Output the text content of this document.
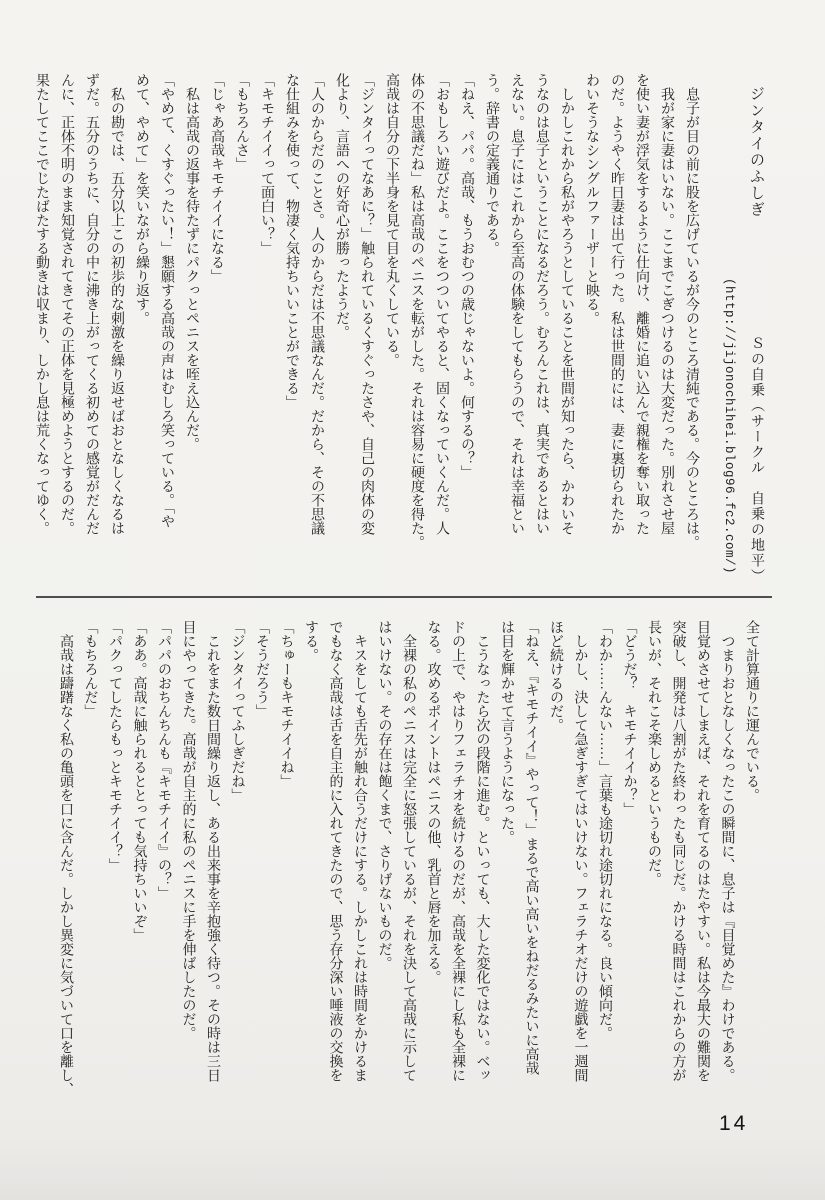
ジンタイのふしぎＳの自乗（サークル　自乗の地平）
(http://jijonochihei.blog96.fc2.com/)
　息子が目の前に股を広げているが今のところ清純である。今のところは。
　我が家に妻はいない。ここまでこぎつけるのは大変だった。別れさせ屋
を使い妻が浮気をするように仕向け、離婚に追い込んで親権を奪い取った
のだ。ようやく昨日妻は出て行った。私は世間的には、妻に裏切られたか
わいそうなシングルファーザーと映る。
　しかしこれから私がやろうとしていることを世間が知ったら、かわいそ
うなのは息子ということになるだろう。むろんこれは、真実であるとはい
えない。息子にはこれから至高の体験をしてもらうので、それは幸福とい
う。辞書の定義通りである。
「ねえ、パパ。高哉、もうおむつの歳じゃないよ。何するの？」
「おもしろい遊びだよ。ここをつついてやると、固くなっていくんだ。人
体の不思議だね」私は高哉のペニスを転がした。それは容易に硬度を得た。
高哉は自分の下半身を見て目を丸くしている。
「ジンタイってなあに？」触られているくすぐったさや、自己の肉体の変
化より、言語への好奇心が勝ったようだ。
「人のからだのことさ。人のからだは不思議なんだ。だから、その不思議
な仕組みを使って、物凄く気持ちいいことができる」
「キモチイイって面白い？」
「もちろんさ」
「じゃあ高哉キモチイイになる」
　私は高哉の返事を待たずにパクっとペニスを咥え込んだ。
「やめて、くすぐったい！」懇願する高哉の声はむしろ笑っている。「や
めて、やめて」を笑いながら繰り返す。
　私の勘では、五分以上この初歩的な刺激を繰り返せばおとなしくなるは
ずだ。五分のうちに、自分の中に沸き上がってくる初めての感覚がだんだ
んに、正体不明のまま知覚されてきてその正体を見極めようとするのだ。
果たしてここでじたばたする動きは収まり、しかし息は荒くなってゆく。
全て計算通りに運んでいる。
　つまりおとなしくなったこの瞬間に、息子は『目覚めた』わけである。
目覚めさせてしまえば、それを育てるのはたやすい。私は今最大の難関を
突破し、開発は八割がた終わったも同じだ。かける時間はこれからの方が
長いが、それこそ楽しめるというものだ。
「どうだ？　キモチイイか？」
「わか……んない……」言葉も途切れ途切れになる。良い傾向だ。
　しかし、決して急ぎすぎてはいけない。フェラチオだけの遊戯を一週間
ほど続けるのだ。
「ねえ、『キモチイイ』やって！」まるで高い高いをねだるみたいに高哉
は目を輝かせて言うようになった。
　こうなったら次の段階に進む。といっても、大した変化ではない。ベッ
ドの上で、やはりフェラチオを続けるのだが、高哉を全裸にし私も全裸に
なる。攻めるポイントはペニスの他、乳首と唇を加える。
　全裸の私のペニスは完全に怒張しているが、それを決して高哉に示して
はいけない。その存在は飽くまで、さりげないものだ。
　キスをしても舌先が触れ合うだけにする。しかしこれは時間をかけるま
でもなく高哉は舌を自主的に入れてきたので、思う存分深い唾液の交換を
する。
「ちゅーもキモチイイね」
「そうだろう」
「ジンタイってふしぎだね」
　これをまた数日間繰り返し、ある出来事を辛抱強く待つ。その時は三日
目にやってきた。高哉が自主的に私のペニスに手を伸ばしたのだ。
「パパのおちんちんも『キモチイイ』の？」
「ああ。高哉に触られるととっても気持ちいいぞ」
「パクってしたらもっとキモチイイ？」
「もちろんだ」
　高哉は躊躇なく私の亀頭を口に含んだ。しかし異変に気づいて口を離し、
14
